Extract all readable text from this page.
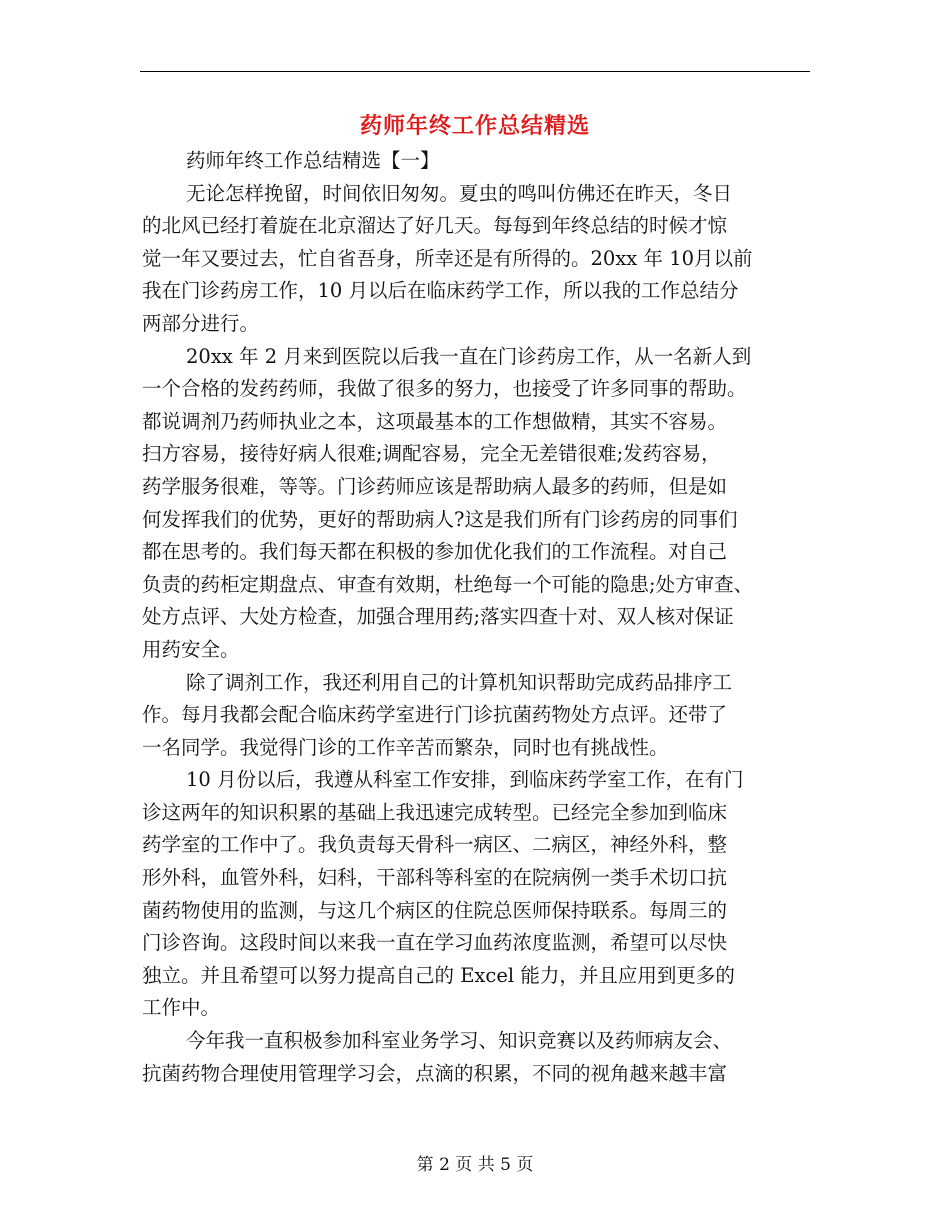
药师年终工作总结精选
药师年终工作总结精选【一】
无论怎样挽留，时间依旧匆匆。夏虫的鸣叫仿佛还在昨天，冬日
的北风已经打着旋在北京溜达了好几天。每每到年终总结的时候才惊
觉一年又要过去，忙自省吾身，所幸还是有所得的。20xx 年 10月以前
我在门诊药房工作，10 月以后在临床药学工作，所以我的工作总结分
两部分进行。
20xx 年 2 月来到医院以后我一直在门诊药房工作，从一名新人到
一个合格的发药药师，我做了很多的努力，也接受了许多同事的帮助。
都说调剂乃药师执业之本，这项最基本的工作想做精，其实不容易。
扫方容易，接待好病人很难;调配容易，完全无差错很难;发药容易，
药学服务很难，等等。门诊药师应该是帮助病人最多的药师，但是如
何发挥我们的优势，更好的帮助病人?这是我们所有门诊药房的同事们
都在思考的。我们每天都在积极的参加优化我们的工作流程。对自己
负责的药柜定期盘点、审查有效期，杜绝每一个可能的隐患;处方审查、
处方点评、大处方检查，加强合理用药;落实四查十对、双人核对保证
用药安全。
除了调剂工作，我还利用自己的计算机知识帮助完成药品排序工
作。每月我都会配合临床药学室进行门诊抗菌药物处方点评。还带了
一名同学。我觉得门诊的工作辛苦而繁杂，同时也有挑战性。
10 月份以后，我遵从科室工作安排，到临床药学室工作，在有门
诊这两年的知识积累的基础上我迅速完成转型。已经完全参加到临床
药学室的工作中了。我负责每天骨科一病区、二病区，神经外科，整
形外科，血管外科，妇科，干部科等科室的在院病例一类手术切口抗
菌药物使用的监测，与这几个病区的住院总医师保持联系。每周三的
门诊咨询。这段时间以来我一直在学习血药浓度监测，希望可以尽快
独立。并且希望可以努力提高自己的 Excel 能力，并且应用到更多的
工作中。
今年我一直积极参加科室业务学习、知识竞赛以及药师病友会、
抗菌药物合理使用管理学习会，点滴的积累，不同的视角越来越丰富
第 2 页 共 5 页
